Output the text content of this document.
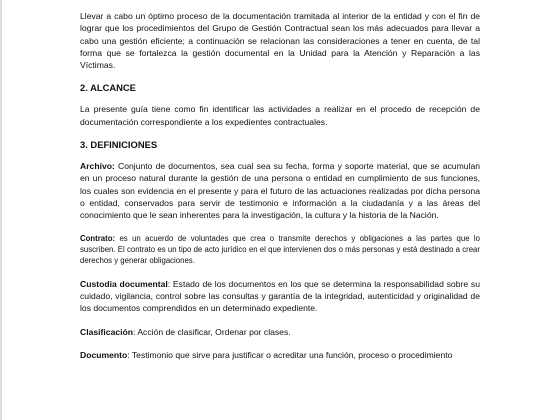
Llevar a cabo un óptimo proceso de la documentación tramitada al interior de la entidad y con el fin de lograr que los procedimientos del Grupo de Gestión Contractual sean los más adecuados para llevar a cabo una gestión eficiente; a continuación se relacionan las consideraciones a tener en cuenta, de tal forma que se fortalezca la gestión documental en la Unidad para la Atención y Reparación a las Víctimas.

2. ALCANCE

La presente guía tiene como fin identificar las actividades a realizar en el procedo de recepción de documentación correspondiente a los expedientes contractuales.

3. DEFINICIONES

Archivo: Conjunto de documentos, sea cual sea su fecha, forma y soporte material, que se acumulan en un proceso natural durante la gestión de una persona o entidad en cumplimiento de sus funciones, los cuales son evidencia en el presente y para el futuro de las actuaciones realizadas por dicha persona o entidad, conservados para servir de testimonio e información a la ciudadanía y a las áreas del conocimiento que le sean inherentes para la investigación, la cultura y la historia de la Nación.

Contrato: es un acuerdo de voluntades que crea o transmite derechos y obligaciones a las partes que lo suscriben. El contrato es un tipo de acto jurídico en el que intervienen dos o más personas y está destinado a crear derechos y generar obligaciones.

Custodia documental: Estado de los documentos en los que se determina la responsabilidad sobre su cuidado, vigilancia, control sobre las consultas y garantía de la integridad, autenticidad y originalidad de los documentos comprendidos en un determinado expediente.

Clasificación: Acción de clasificar, Ordenar por clases.

Documento: Testimonio que sirve para justificar o acreditar una función, proceso o procedimiento
